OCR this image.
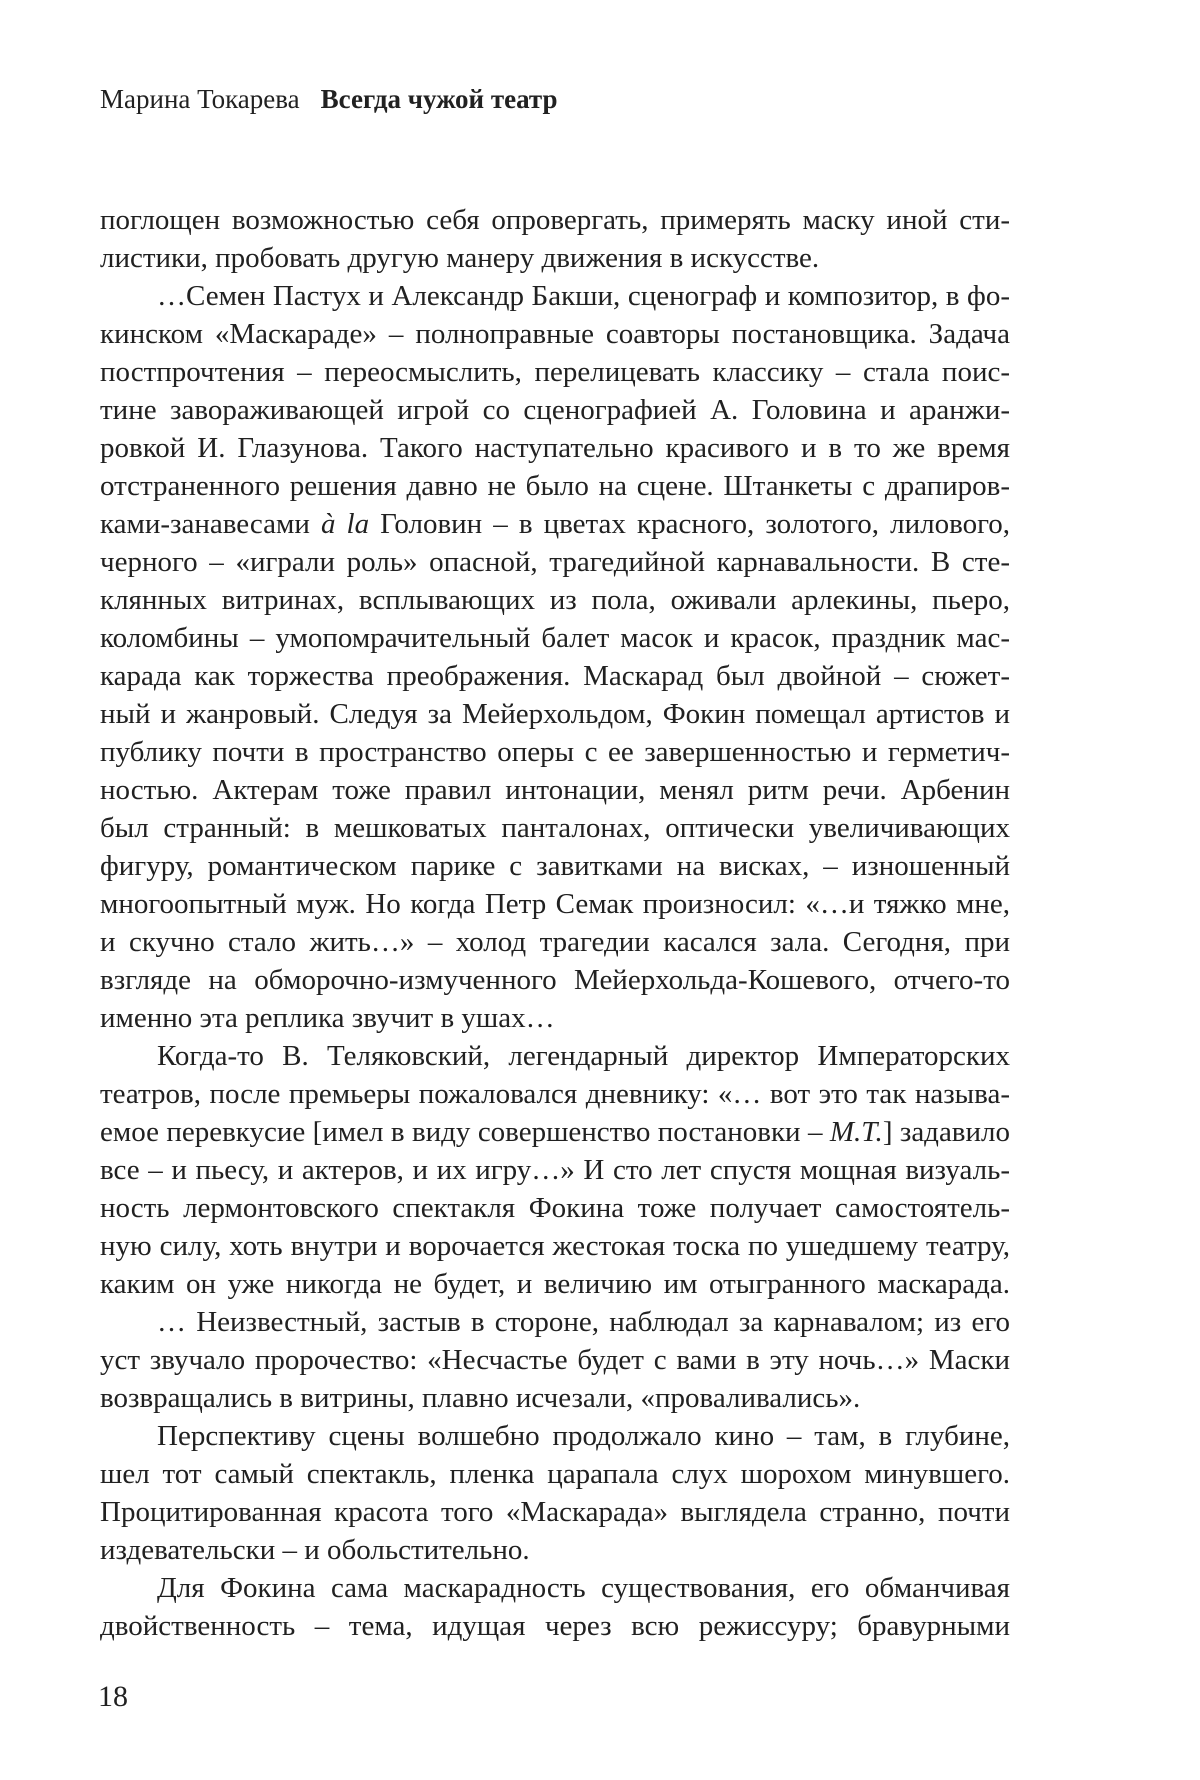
Марина Токарева Всегда чужой театр
поглощен возможностью себя опровергать, примерять маску иной сти-
листики, пробовать другую манеру движения в искусстве.
…Семен Пастух и Александр Бакши, сценограф и композитор, в фо-
кинском «Маскараде» – полноправные соавторы постановщика. Задача
постпрочтения – переосмыслить, перелицевать классику – стала поис-
тине завораживающей игрой со сценографией А. Головина и аранжи-
ровкой И. Глазунова. Такого наступательно красивого и в то же время
отстраненного решения давно не было на сцене. Штанкеты с драпиров-
ками-занавесами à la Головин – в цветах красного, золотого, лилового,
черного – «играли роль» опасной, трагедийной карнавальности. В сте-
клянных витринах, всплывающих из пола, оживали арлекины, пьеро,
коломбины – умопомрачительный балет масок и красок, праздник мас-
карада как торжества преображения. Маскарад был двойной – сюжет-
ный и жанровый. Следуя за Мейерхольдом, Фокин помещал артистов и
публику почти в пространство оперы с ее завершенностью и герметич-
ностью. Актерам тоже правил интонации, менял ритм речи. Арбенин
был странный: в мешковатых панталонах, оптически увеличивающих
фигуру, романтическом парике с завитками на висках, – изношенный
многоопытный муж. Но когда Петр Семак произносил: «…и тяжко мне,
и скучно стало жить…» – холод трагедии касался зала. Сегодня, при
взгляде на обморочно-измученного Мейерхольда-Кошевого, отчего-то
именно эта реплика звучит в ушах…
Когда-то В. Теляковский, легендарный директор Императорских
театров, после премьеры пожаловался дневнику: «… вот это так называ-
емое перевкусие [имел в виду совершенство постановки – М.Т.] задавило
все – и пьесу, и актеров, и их игру…» И сто лет спустя мощная визуаль-
ность лермонтовского спектакля Фокина тоже получает самостоятель-
ную силу, хоть внутри и ворочается жестокая тоска по ушедшему театру,
каким он уже никогда не будет, и величию им отыгранного маскарада.
… Неизвестный, застыв в стороне, наблюдал за карнавалом; из его
уст звучало пророчество: «Несчастье будет с вами в эту ночь…» Маски
возвращались в витрины, плавно исчезали, «проваливались».
Перспективу сцены волшебно продолжало кино – там, в глубине,
шел тот самый спектакль, пленка царапала слух шорохом минувшего.
Процитированная красота того «Маскарада» выглядела странно, почти
издевательски – и обольстительно.
Для Фокина сама маскарадность существования, его обманчивая
двойственность – тема, идущая через всю режиссуру; бравурными
18
